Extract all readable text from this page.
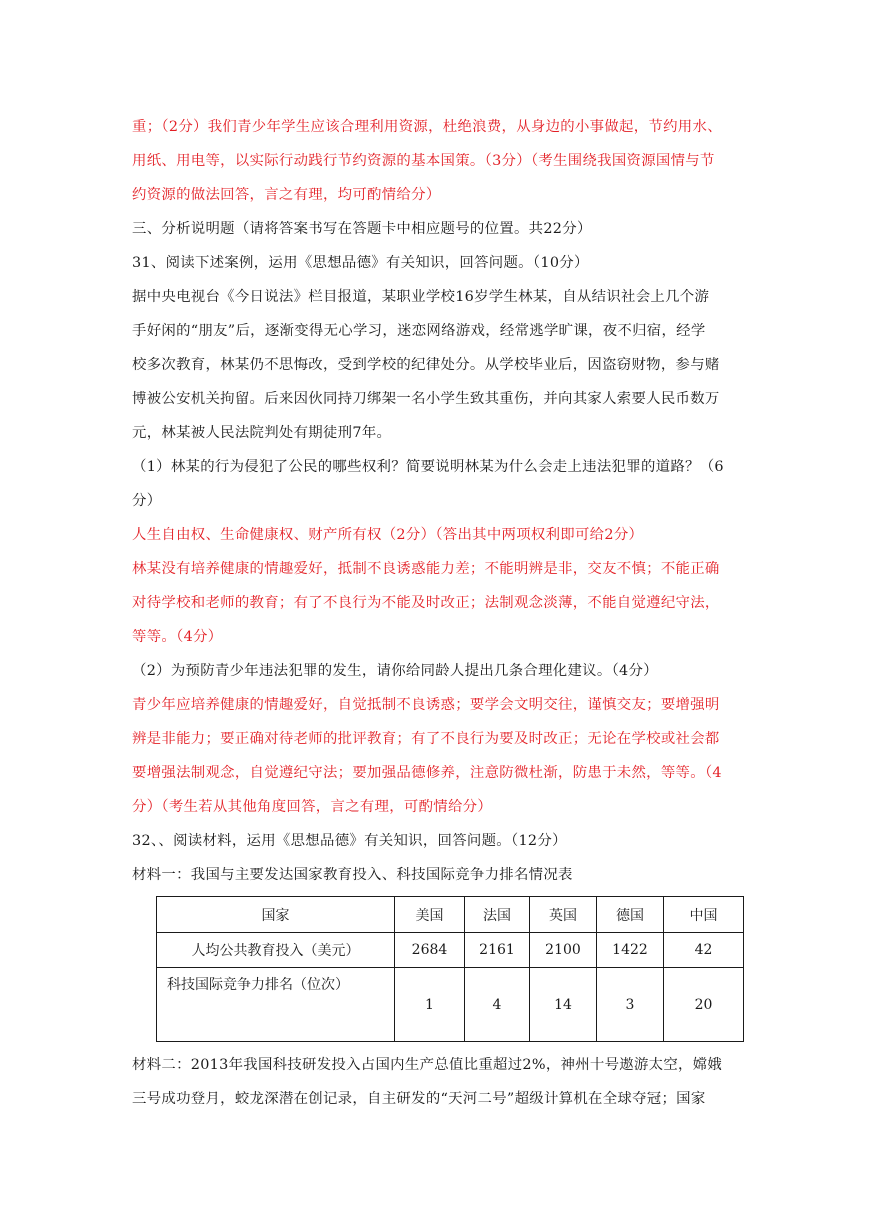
重；（2分）我们青少年学生应该合理利用资源，杜绝浪费，从身边的小事做起，节约用水、
用纸、用电等，以实际行动践行节约资源的基本国策。（3分）（考生围绕我国资源国情与节
约资源的做法回答，言之有理，均可酌情给分）
三、分析说明题（请将答案书写在答题卡中相应题号的位置。共22分）
31、阅读下述案例，运用《思想品德》有关知识，回答问题。（10分）
据中央电视台《今日说法》栏目报道，某职业学校16岁学生林某，自从结识社会上几个游
手好闲的“朋友”后，逐渐变得无心学习，迷恋网络游戏，经常逃学旷课，夜不归宿，经学
校多次教育，林某仍不思悔改，受到学校的纪律处分。从学校毕业后，因盗窃财物，参与赌
博被公安机关拘留。后来因伙同持刀绑架一名小学生致其重伤，并向其家人索要人民币数万
元，林某被人民法院判处有期徒刑7年。
（1）林某的行为侵犯了公民的哪些权利？简要说明林某为什么会走上违法犯罪的道路？（6
分）
人生自由权、生命健康权、财产所有权（2分）（答出其中两项权利即可给2分）
林某没有培养健康的情趣爱好，抵制不良诱惑能力差；不能明辨是非，交友不慎；不能正确
对待学校和老师的教育；有了不良行为不能及时改正；法制观念淡薄，不能自觉遵纪守法，
等等。（4分）
（2）为预防青少年违法犯罪的发生，请你给同龄人提出几条合理化建议。（4分）
青少年应培养健康的情趣爱好，自觉抵制不良诱惑；要学会文明交往，谨慎交友；要增强明
辨是非能力；要正确对待老师的批评教育；有了不良行为要及时改正；无论在学校或社会都
要增强法制观念，自觉遵纪守法；要加强品德修养，注意防微杜渐，防患于未然，等等。（4
分）（考生若从其他角度回答，言之有理，可酌情给分）
32、、阅读材料，运用《思想品德》有关知识，回答问题。（12分）
材料一：我国与主要发达国家教育投入、科技国际竞争力排名情况表
国家	美国	法国	英国	德国	中国
人均公共教育投入（美元）	2684	2161	2100	1422	42
科技国际竞争力排名（位次）	1	4	14	3	20
材料二：2013年我国科技研发投入占国内生产总值比重超过2%，神州十号遨游太空，嫦娥
三号成功登月，蛟龙深潜在创记录，自主研发的“天河二号”超级计算机在全球夺冠；国家
